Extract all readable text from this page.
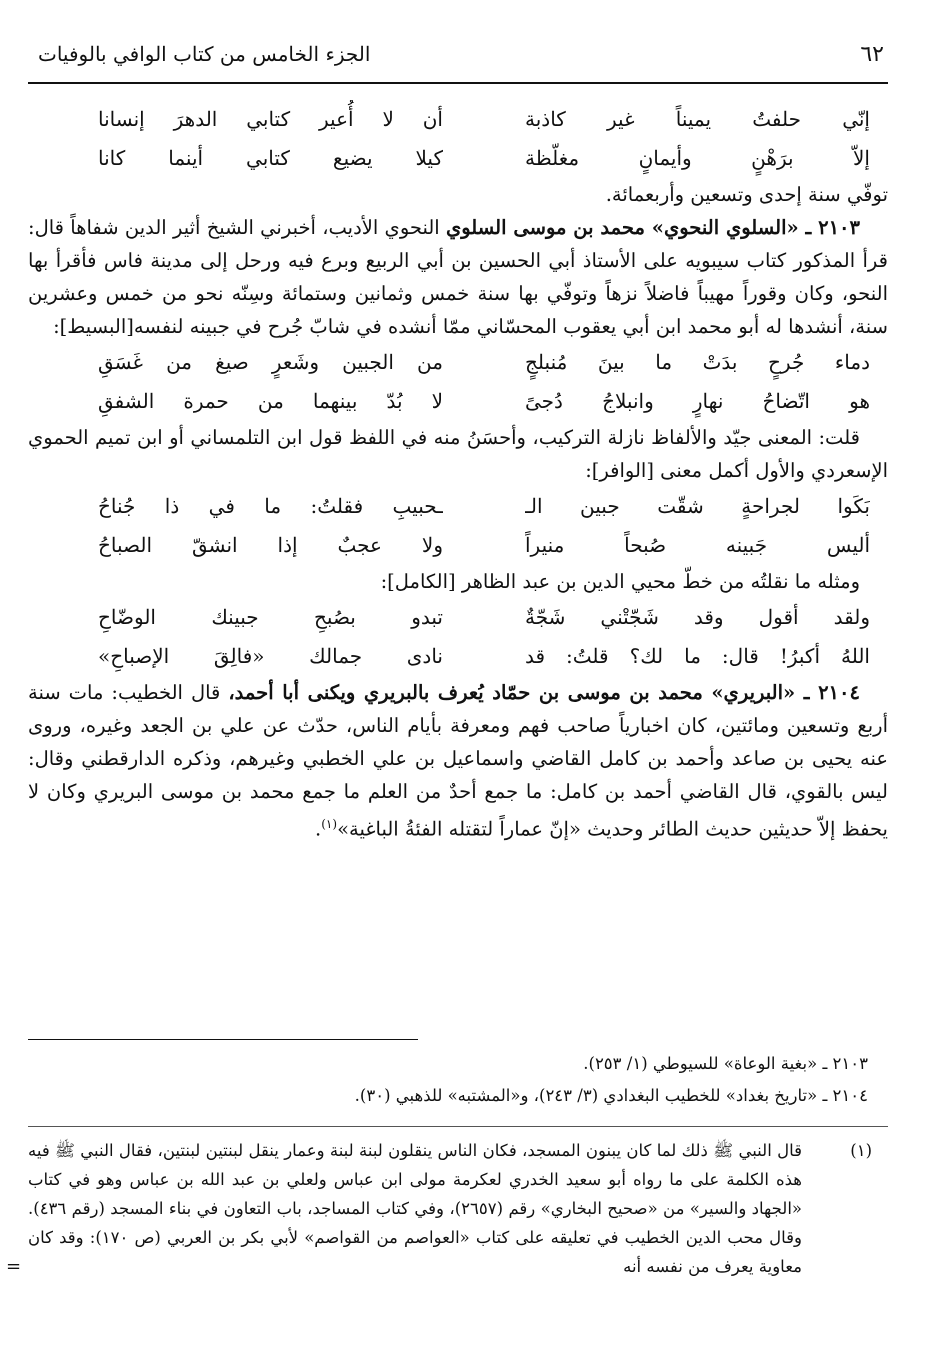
٦٢
الجزء الخامس من كتاب الوافي بالوفيات
إنّي حلفتُ يميناً غير كاذبة
أن لا أُعير كتابي الدهرَ إنسانا
إلاّ برَهْنٍ وأيمانٍ مغلّظة
كيلا يضيع كتابي أينما كانا

توفّي سنة إحدى وتسعين وأربعمائة.

٢١٠٣ ـ «السلوي النحوي» محمد بن موسى السلوي النحوي الأديب، أخبرني الشيخ أثير الدين شفاهاً قال: قرأ المذكور كتاب سيبويه على الأستاذ أبي الحسين بن أبي الربيع وبرع فيه ورحل إلى مدينة فاس فأقرأ بها النحو، وكان وقوراً مهيباً فاضلاً نزهاً وتوفّي بها سنة خمس وثمانين وستمائة وسِنّه نحو من خمس وعشرين سنة، أنشدها له أبو محمد ابن أبي يعقوب المحسّاني ممّا أنشده في شابّ جُرح في جبينه لنفسه[البسيط]:

دماء جُرحٍ بدَتْ ما بينَ مُنبلجٍ
من الجبين وشَعرٍ صيغ من غَسَقِ
هو اتّضاحُ نهارٍ وانبلاجُ دُجىً
لا بُدّ بينهما من حمرة الشفقِ

قلت: المعنى جيّد والألفاظ نازلة التركيب، وأحسَنُ منه في اللفظ قول ابن التلمساني أو ابن تميم الحموي الإسعردي والأول أكمل معنى [الوافر]:

بَكَوا لجراحةٍ شقّت جبين الـ
ـحبيبِ فقلتُ: ما في ذا جُناحُ
أليس جَبينه صُبحاً منيراً
ولا عجبٌ إذا انشقّ الصباحُ

ومثله ما نقلتُه من خطّ محيي الدين بن عبد الظاهر [الكامل]:

ولقد أقول وقد شَجّتْني شَجّةٌ
تبدو بصُبحِ جبينك الوضّاحِ
اللهُ أكبرُ! قال: ما لك؟ قلتُ: قد
نادى جمالك «فالِقَ الإصباحِ»

٢١٠٤ ـ «البريري» محمد بن موسى بن حمّاد يُعرف بالبريري ويكنى أبا أحمد، قال الخطيب: مات سنة أربع وتسعين ومائتين، كان اخبارياً صاحب فهم ومعرفة بأيام الناس، حدّث عن علي بن الجعد وغيره، وروى عنه يحيى بن صاعد وأحمد بن كامل القاضي واسماعيل بن علي الخطبي وغيرهم، وذكره الدارقطني وقال: ليس بالقوي، قال القاضي أحمد بن كامل: ما جمع أحدٌ من العلم ما جمع محمد بن موسى البريري وكان لا يحفظ إلاّ حديثين حديث الطائر وحديث «إنّ عماراً لتقتله الفئةُ الباغية»$^{(١)}$.

٢١٠٣ ـ «بغية الوعاة» للسيوطي (١/ ٢٥٣).

٢١٠٤ ـ «تاريخ بغداد» للخطيب البغدادي (٣/ ٢٤٣)، و«المشتبه» للذهبي (٣٠).

(١)
قال النبي ﷺ ذلك لما كان يبنون المسجد، فكان الناس ينقلون لبنة لبنة وعمار ينقل لبنتين لبنتين، فقال النبي ﷺ فيه هذه الكلمة على ما رواه أبو سعيد الخدري لعكرمة مولى ابن عباس ولعلي بن عبد الله بن عباس وهو في كتاب «الجهاد والسير» من «صحيح البخاري» رقم (٢٦٥٧)، وفي كتاب المساجد، باب التعاون في بناء المسجد (رقم ٤٣٦). وقال محب الدين الخطيب في تعليقه على كتاب «العواصم من القواصم» لأبي بكر بن العربي (ص ١٧٠): وقد كان معاوية يعرف من نفسه أنه
=
